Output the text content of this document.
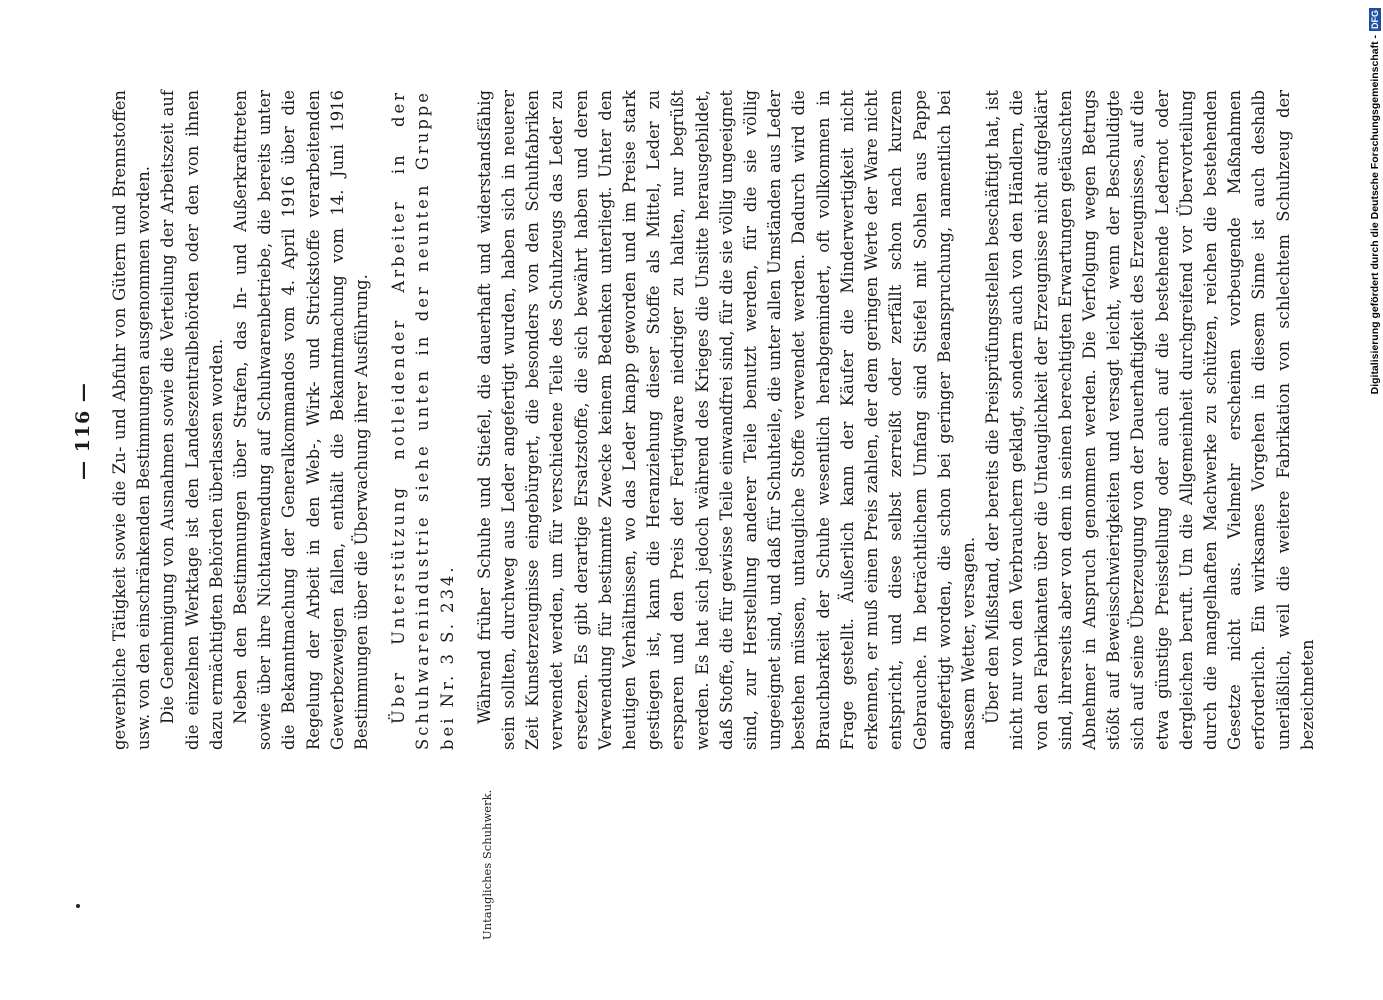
— 116 — gewerbliche Tätigkeit sowie die Zu- und Abfuhr von Gütern und Brennstoffen usw. von den einschränkenden Bestimmungen ausgenommen worden. Die Genehmigung von Ausnahmen sowie die Verteilung der Arbeitszeit auf die einzelnen Werktage ist den Landeszentralbehörden oder den von ihnen dazu ermächtigten Behörden überlassen worden. Neben den Bestimmungen über Strafen, das In- und Außerkrafttreten sowie über ihre Nichtanwendung auf Schuhwarenbetriebe, die bereits unter die Bekanntmachung der Generalkommandos vom 4. April 1916 über die Regelung der Arbeit in den Web-, Wirk- und Strickstoffe verarbeitenden Gewerbezweigen fallen, enthält die Bekanntmachung vom 14. Juni 1916 Bestimmungen über die Überwachung ihrer Ausführung. Über Unterstützung notleidender Arbeiter in der Schuhwarenindustrie siehe unten in der neunten Gruppe bei Nr. 3 S. 234. Während früher Schuhe und Stiefel, die dauerhaft und widerstandsfähig sein sollten, durchweg aus Leder angefertigt wurden, haben sich in neuerer Zeit Kunsterzeugnisse eingebürgert, die besonders von den Schuhfabriken verwendet werden, um für verschiedene Teile des Schuhzeugs das Leder zu ersetzen. Es gibt derartige Ersatzstoffe, die sich bewährt haben und deren Verwendung für bestimmte Zwecke keinem Bedenken unterliegt. Unter den heutigen Verhältnissen, wo das Leder knapp geworden und im Preise stark gestiegen ist, kann die Heranziehung dieser Stoffe als Mittel, Leder zu ersparen und den Preis der Fertigware niedriger zu halten, nur begrüßt werden. Es hat sich jedoch während des Krieges die Unsitte herausgebildet, daß Stoffe, die für gewisse Teile einwandfrei sind, für die sie völlig ungeeignet sind, zur Herstellung anderer Teile benutzt werden, für die sie völlig ungeeignet sind, und daß für Schuhteile, die unter allen Umständen aus Leder bestehen müssen, untaugliche Stoffe verwendet werden. Dadurch wird die Brauchbarkeit der Schuhe wesentlich herabgemindert, oft vollkommen in Frage gestellt. Äußerlich kann der Käufer die Minderwertigkeit nicht erkennen, er muß einen Preis zahlen, der dem geringen Werte der Ware nicht entspricht, und diese selbst zerreißt oder zerfällt schon nach kurzem Gebrauche. In beträchtlichem Umfang sind Stiefel mit Sohlen aus Pappe angefertigt worden, die schon bei geringer Beanspruchung, namentlich bei nassem Wetter, versagen. Über den Mißstand, der bereits die Preisprüfungsstellen beschäftigt hat, ist nicht nur von den Verbrauchern geklagt, sondern auch von den Händlern, die von den Fabrikanten über die Untauglichkeit der Erzeugnisse nicht aufgeklärt sind, ihrerseits aber von dem in seinen berechtigten Erwartungen getäuschten Abnehmer in Anspruch genommen werden. Die Verfolgung wegen Betrugs stößt auf Beweisschwierigkeiten und versagt leicht, wenn der Beschuldigte sich auf seine Überzeugung von der Dauerhaftigkeit des Erzeugnisses, auf die etwa günstige Preisstellung oder auch auf die bestehende Ledernot oder dergleichen beruft. Um die Allgemeinheit durchgreifend vor Übervorteilung durch die mangelhaften Machwerke zu schützen, reichen die bestehenden Gesetze nicht aus. Vielmehr erscheinen vorbeugende Maßnahmen erforderlich. Ein wirksames Vorgehen in diesem Sinne ist auch deshalb unerläßlich, weil die weitere Fabrikation von schlechtem Schuhzeug der bezeichneten

Untaugliches Schuhwerk.
Digitalisierung gefördert durch die Deutsche Forschungsgemeinschaft -DFG
